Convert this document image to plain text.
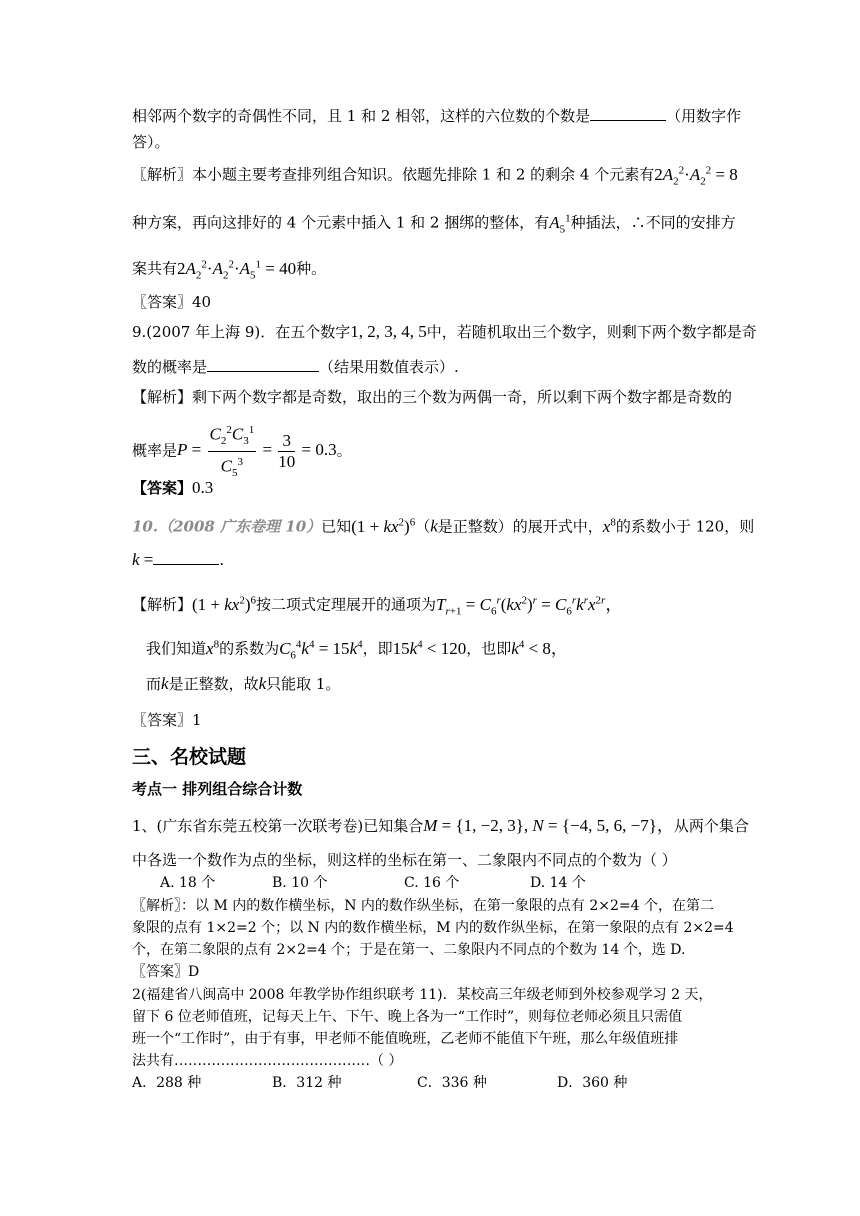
相邻两个数字的奇偶性不同，且 1 和 2 相邻，这样的六位数的个数是	（用数字作
答）。
〖解析〗本小题主要考查排列组合知识。依题先排除 1 和 2 的剩余 4 个元素有$2A_2^2\cdot A_2^2 = 8$
种方案，再向这排好的 4 个元素中插入 1 和 2 捆绑的整体，有$A_5^1$种插法，∴不同的安排方
案共有$2A_2^2\cdot A_2^2\cdot A_5^1 = 40$种。
〖答案〗40
9.(2007 年上海 9)．在五个数字1, 2, 3, 4, 5中，若随机取出三个数字，则剩下两个数字都是奇
数的概率是	（结果用数值表示）.
【解析】剩下两个数字都是奇数，取出的三个数为两偶一奇，所以剩下两个数字都是奇数的
概率是$P = \frac{C_2^2C_3^1}{C_5^3} = \frac{3}{10} = 0.3$。
【答案】0.3
10.（2008 广东卷理 10）已知$(1 + kx^2)^6(k$是正整数）的展开式中，$x^8$的系数小于 120，则
k =	.
【解析】$(1 + kx^2)^6$按二项式定理展开的通项为$T_{r+1} = C_6^r(kx^2)^r = C_6^rk^rx^{2r}$，
我们知道$x^8$的系数为$C_6^4k^4 = 15k^4$，即$15k^4 < 120$，也即$k^4 < 8$，
而k是正整数，故k只能取 1。
〖答案〗1
三、名校试题
考点一 排列组合综合计数
1、(广东省东莞五校第一次联考卷)已知集合M = {1, −2, 3}, N = {−4, 5, 6, −7}，从两个集合
中各选一个数作为点的坐标，则这样的坐标在第一、二象限内不同点的个数为（ ）
A. 18 个	B. 10 个	C. 16 个	D. 14 个
〖解析〗：以 M 内的数作横坐标，N 内的数作纵坐标，在第一象限的点有 2×2=4 个，在第二
象限的点有 1×2=2 个；以 N 内的数作横坐标，M 内的数作纵坐标，在第一象限的点有 2×2=4
个，在第二象限的点有 2×2=4 个；于是在第一、二象限内不同点的个数为 14 个，选 D.
〖答案〗D
2(福建省八闽高中 2008 年教学协作组织联考 11)．某校高三年级老师到外校参观学习 2 天，
留下 6 位老师值班，记每天上午、下午、晚上各为一“工作时”，则每位老师必须且只需值
班一个“工作时”，由于有事，甲老师不能值晚班，乙老师不能值下午班，那么年级值班排
法共有……………………………………（ ）
A．288 种	B．312 种	C．336 种	D．360 种
